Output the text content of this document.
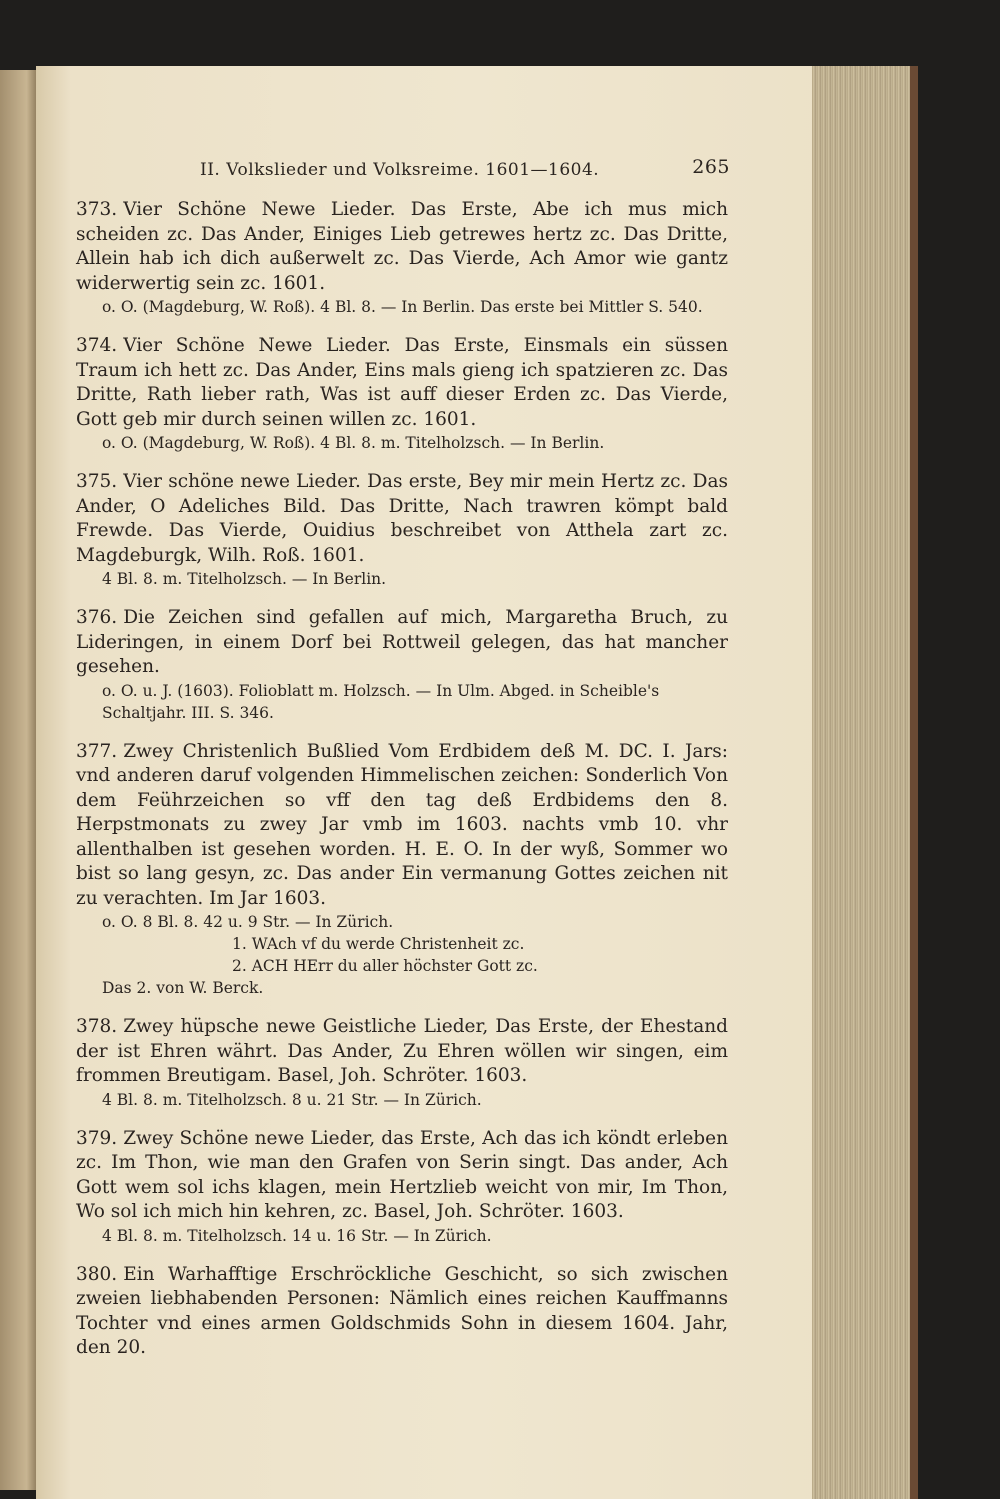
II. Volkslieder und Volksreime. 1601—1604.	265
373. Vier Schöne Newe Lieder. Das Erste, Abe ich mus mich scheiden zc. Das Ander, Einiges Lieb getrewes hertz zc. Das Dritte, Allein hab ich dich außerwelt zc. Das Vierde, Ach Amor wie gantz widerwertig sein zc. 1601.
o. O. (Magdeburg, W. Roß). 4 Bl. 8. — In Berlin. Das erste bei Mittler S. 540.
374. Vier Schöne Newe Lieder. Das Erste, Einsmals ein süssen Traum ich hett zc. Das Ander, Eins mals gieng ich spatzieren zc. Das Dritte, Rath lieber rath, Was ist auff dieser Erden zc. Das Vierde, Gott geb mir durch seinen willen zc. 1601.
o. O. (Magdeburg, W. Roß). 4 Bl. 8. m. Titelholzsch. — In Berlin.
375. Vier schöne newe Lieder. Das erste, Bey mir mein Hertz zc. Das Ander, O Adeliches Bild. Das Dritte, Nach trawren kömpt bald Frewde. Das Vierde, Ouidius beschreibet von Atthela zart zc. Magdeburgk, Wilh. Roß. 1601.
4 Bl. 8. m. Titelholzsch. — In Berlin.
376. Die Zeichen sind gefallen auf mich, Margaretha Bruch, zu Lideringen, in einem Dorf bei Rottweil gelegen, das hat mancher gesehen.
o. O. u. J. (1603). Folioblatt m. Holzsch. — In Ulm. Abged. in Scheible's Schaltjahr. III. S. 346.
377. Zwey Christenlich Bußlied Vom Erdbidem deß M. DC. I. Jars: vnd anderen daruf volgenden Himmelischen zeichen: Sonderlich Von dem Feührzeichen so vff den tag deß Erdbidems den 8. Herpstmonats zu zwey Jar vmb im 1603. nachts vmb 10. vhr allenthalben ist gesehen worden. H. E. O. In der wyß, Sommer wo bist so lang gesyn, zc. Das ander Ein vermanung Gottes zeichen nit zu verachten. Im Jar 1603.
o. O. 8 Bl. 8. 42 u. 9 Str. — In Zürich.
1. WAch vf du werde Christenheit zc.
2. ACH HErr du aller höchster Gott zc.
Das 2. von W. Berck.
378. Zwey hüpsche newe Geistliche Lieder, Das Erste, der Ehestand der ist Ehren währt. Das Ander, Zu Ehren wöllen wir singen, eim frommen Breutigam. Basel, Joh. Schröter. 1603.
4 Bl. 8. m. Titelholzsch. 8 u. 21 Str. — In Zürich.
379. Zwey Schöne newe Lieder, das Erste, Ach das ich köndt erleben zc. Im Thon, wie man den Grafen von Serin singt. Das ander, Ach Gott wem sol ichs klagen, mein Hertzlieb weicht von mir, Im Thon, Wo sol ich mich hin kehren, zc. Basel, Joh. Schröter. 1603.
4 Bl. 8. m. Titelholzsch. 14 u. 16 Str. — In Zürich.
380. Ein Warhafftige Erschröckliche Geschicht, so sich zwischen zweien liebhabenden Personen: Nämlich eines reichen Kauffmanns Tochter vnd eines armen Goldschmids Sohn in diesem 1604. Jahr, den 20.
